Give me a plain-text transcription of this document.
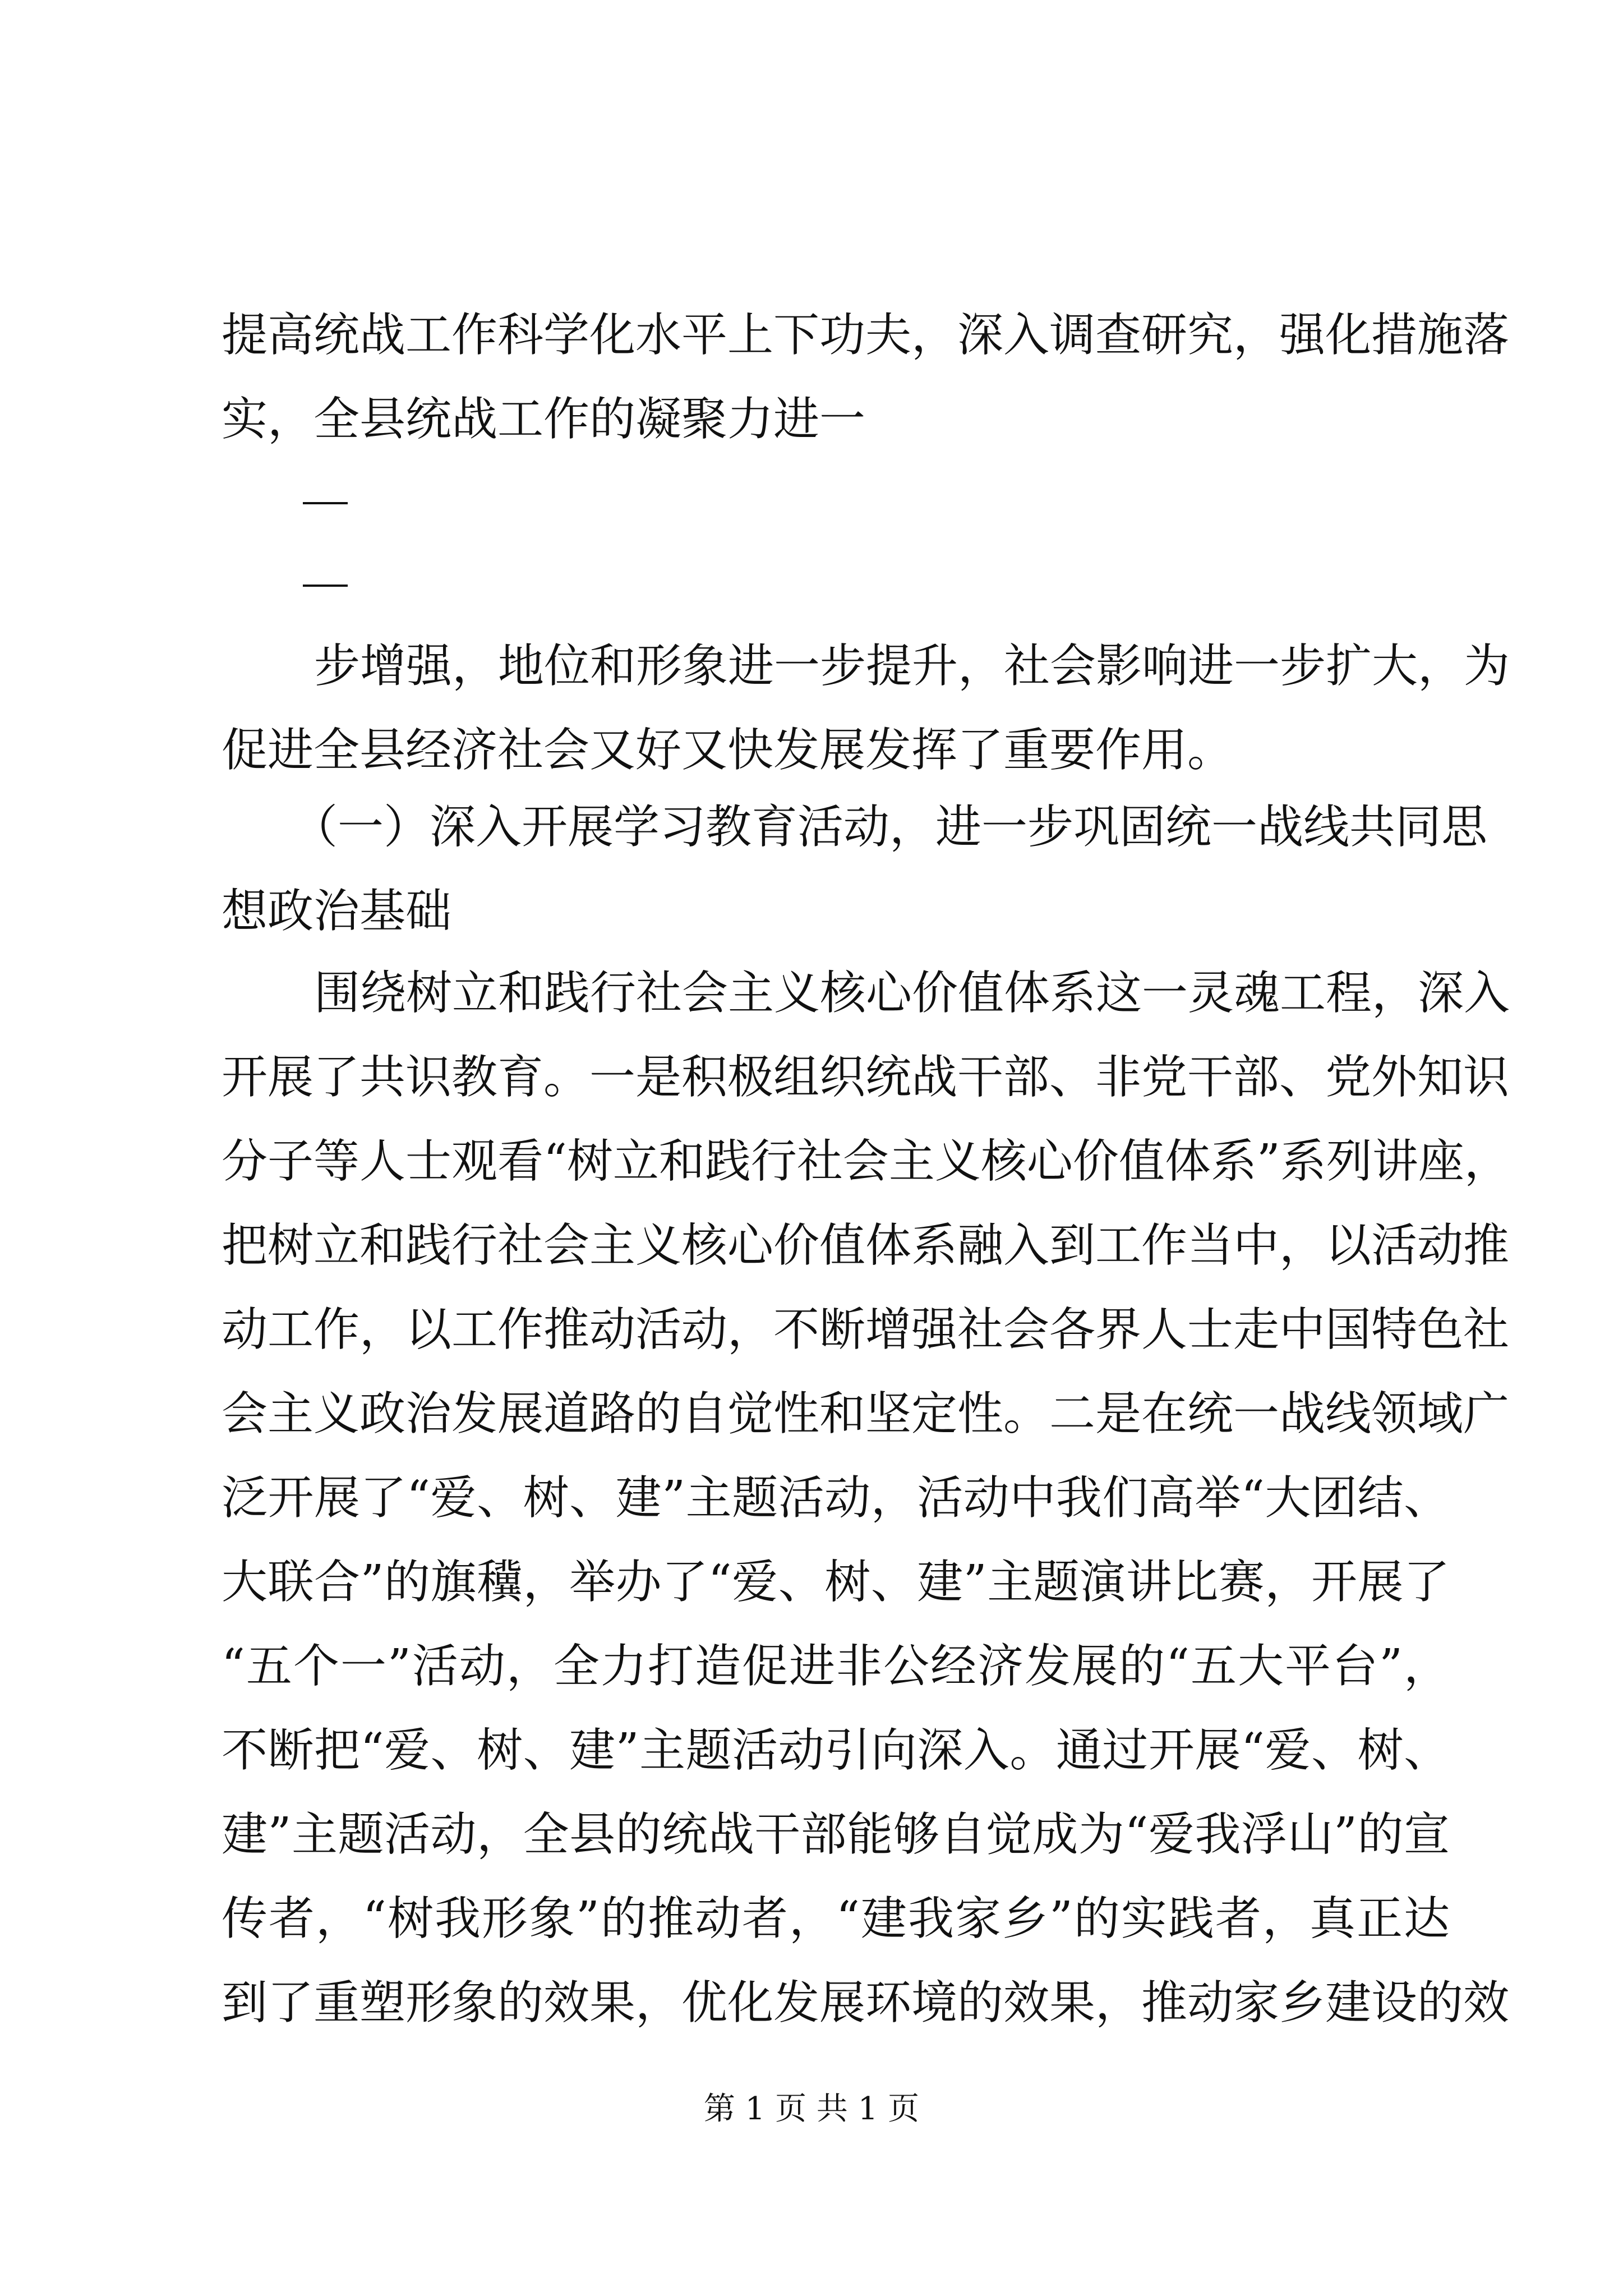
提高统战工作科学化水平上下功夫，深入调查研究，强化措施落
实，全县统战工作的凝聚力进一
步增强，地位和形象进一步提升，社会影响进一步扩大，为
促进全县经济社会又好又快发展发挥了重要作用。
（一）深入开展学习教育活动，进一步巩固统一战线共同思
想政治基础
围绕树立和践行社会主义核心价值体系这一灵魂工程，深入
开展了共识教育。一是积极组织统战干部、非党干部、党外知识
分子等人士观看“树立和践行社会主义核心价值体系”系列讲座，
把树立和践行社会主义核心价值体系融入到工作当中，以活动推
动工作，以工作推动活动，不断增强社会各界人士走中国特色社
会主义政治发展道路的自觉性和坚定性。二是在统一战线领域广
泛开展了“爱、树、建”主题活动，活动中我们高举“大团结、
大联合”的旗䆊，举办了“爱、树、建”主题演讲比赛，开展了
“五个一”活动，全力打造促进非公经济发展的“五大平台”，
不断把“爱、树、建”主题活动引向深入。通过开展“爱、树、
建”主题活动，全县的统战干部能够自觉成为“爱我浮山”的宣
传者，“树我形象”的推动者，“建我家乡”的实践者，真正达
到了重塑形象的效果，优化发展环境的效果，推动家乡建设的效
第 1 页 共 1 页
